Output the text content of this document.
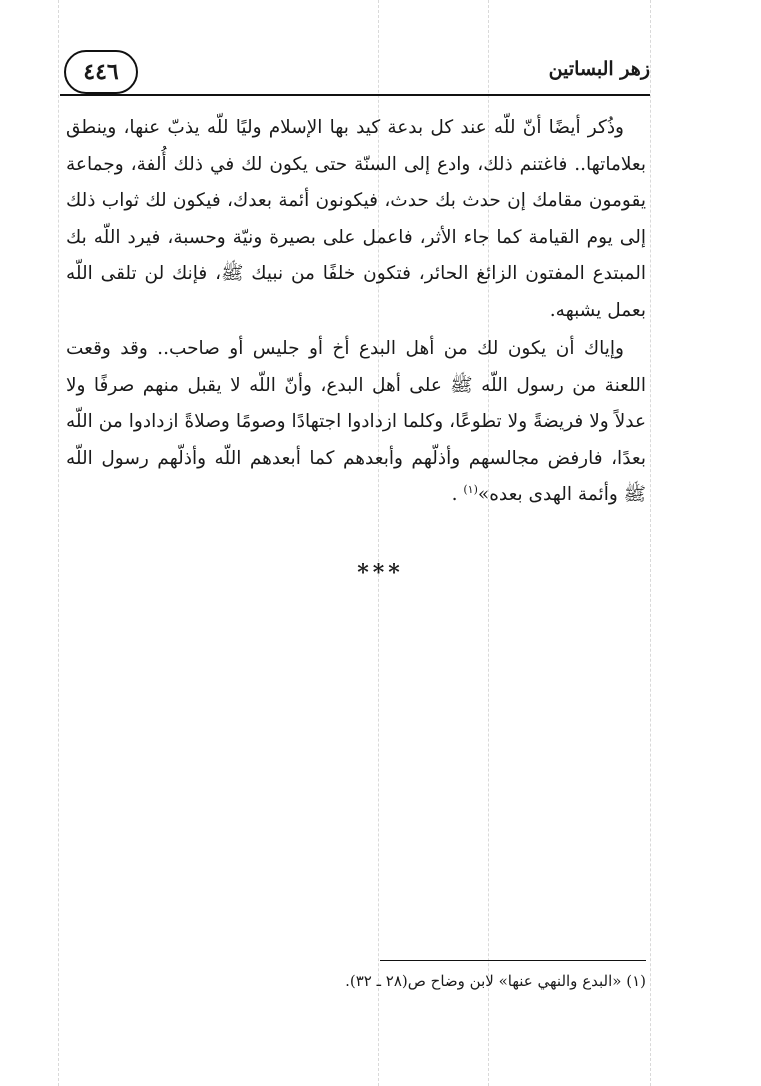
٤٤٦	زهر البساتين

وذُكر أيضًا أنّ للّه عند كل بدعة كيد بها الإسلام وليًا للّه يذبّ عنها، وينطق بعلاماتها.. فاغتنم ذلك، وادع إلى السنّة حتى يكون لك في ذلك أُلفة، وجماعة يقومون مقامك إن حدث بك حدث، فيكونون أئمة بعدك، فيكون لك ثواب ذلك إلى يوم القيامة كما جاء الأثر، فاعمل على بصيرة ونيّة وحسبة، فيرد اللّه بك المبتدع المفتون الزائغ الحائر، فتكون خلفًا من نبيك ﷺ، فإنك لن تلقى اللّه بعمل يشبهه.

وإياك أن يكون لك من أهل البدع أخ أو جليس أو صاحب.. وقد وقعت اللعنة من رسول اللّه ﷺ على أهل البدع، وأنّ اللّه لا يقبل منهم صرفًا ولا عدلاً ولا فريضةً ولا تطوعًا، وكلما ازدادوا اجتهادًا وصومًا وصلاةً ازدادوا من اللّه بعدًا، فارفض مجالسهم وأذلّهم وأبعدهم كما أبعدهم اللّه وأذلّهم رسول اللّه ﷺ وأئمة الهدى بعده»$^{(١)}$ .

***
(١) «البدع والنهي عنها» لابن وضاح ص(٢٨ ـ ٣٢).
